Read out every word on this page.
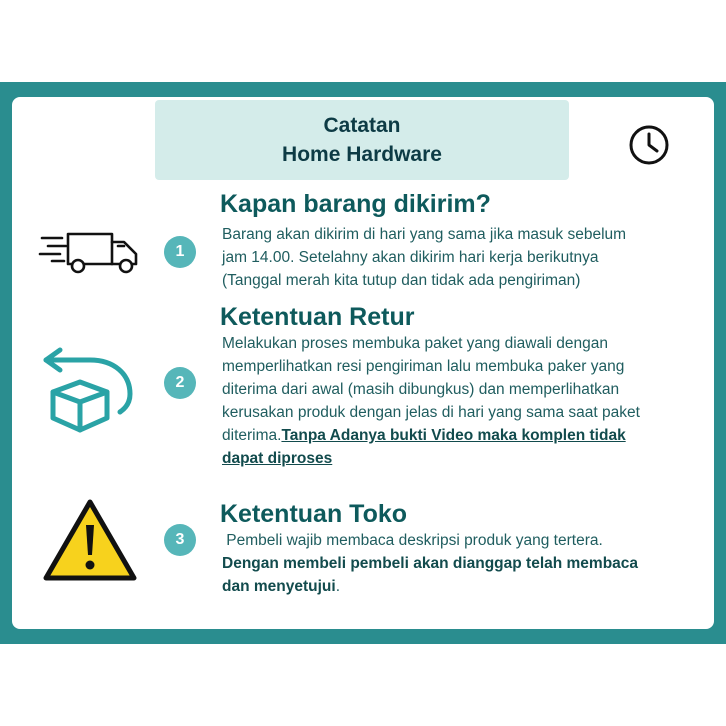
Catatan
Home Hardware
1
Kapan barang dikirim?
Barang akan dikirim di hari yang sama jika masuk sebelum
jam 14.00. Setelahny akan dikirim hari kerja berikutnya
(Tanggal merah kita tutup dan tidak ada pengiriman)
2
Ketentuan Retur
Melakukan proses membuka paket yang diawali dengan
memperlihatkan resi pengiriman lalu membuka paker yang
diterima dari awal (masih dibungkus) dan memperlihatkan
kerusakan produk dengan jelas di hari yang sama saat paket
diterima.Tanpa Adanya bukti Video maka komplen tidak
dapat diproses
3
Ketentuan Toko
Pembeli wajib membaca deskripsi produk yang tertera.
Dengan membeli pembeli akan dianggap telah membaca
dan menyetujui.
